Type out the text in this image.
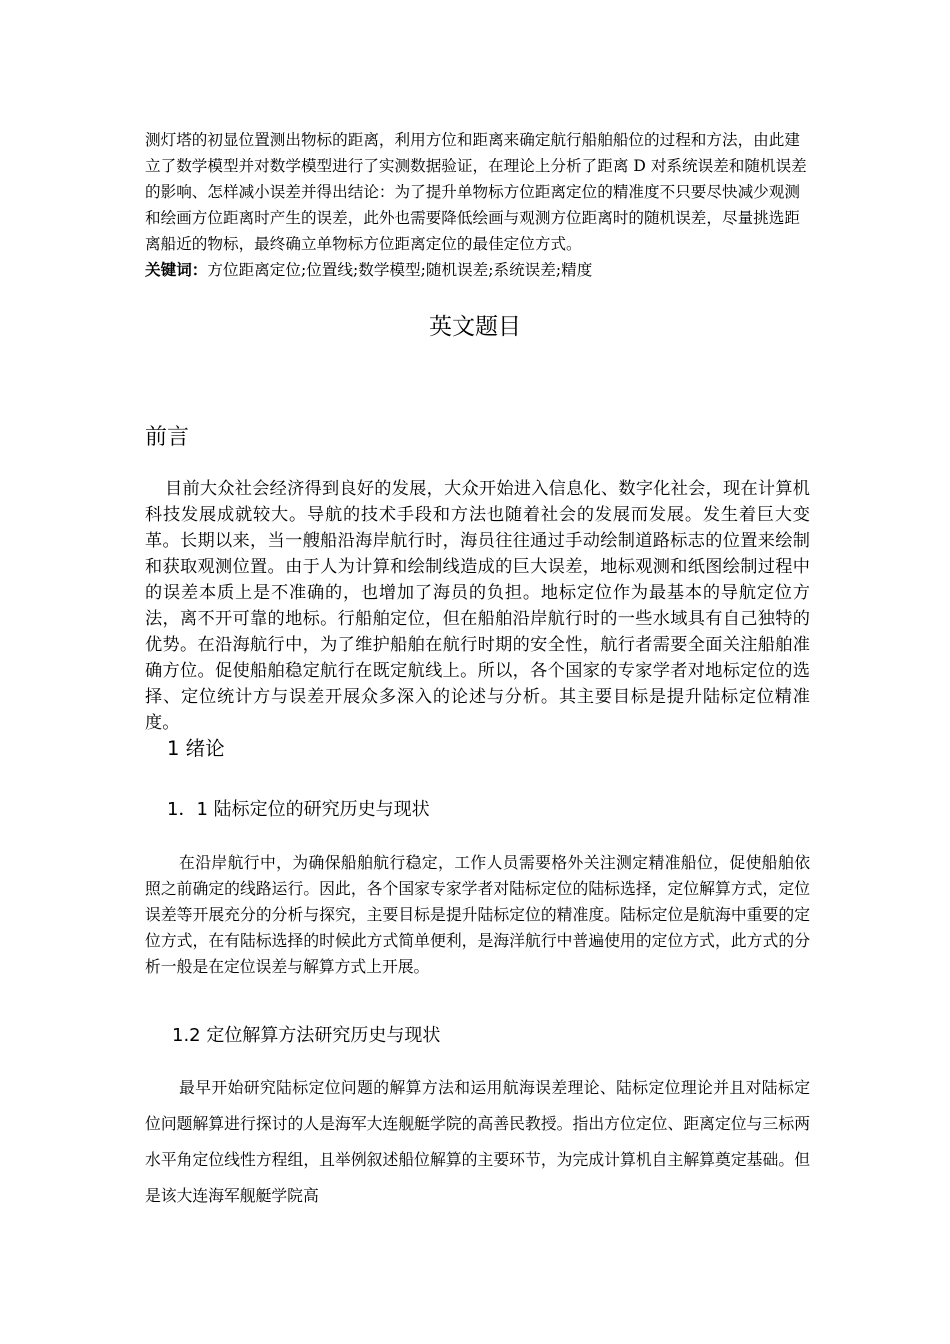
测灯塔的初显位置测出物标的距离，利用方位和距离来确定航行船舶船位的过程和方法，由此建立了数学模型并对数学模型进行了实测数据验证，在理论上分析了距离 D 对系统误差和随机误差的影响、怎样减小误差并得出结论：为了提升单物标方位距离定位的精准度不只要尽快减少观测和绘画方位距离时产生的误差，此外也需要降低绘画与观测方位距离时的随机误差，尽量挑选距离船近的物标，最终确立单物标方位距离定位的最佳定位方式。

关键词：方位距离定位;位置线;数学模型;随机误差;系统误差;精度

英文题目
前言

目前大众社会经济得到良好的发展，大众开始进入信息化、数字化社会，现在计算机科技发展成就较大。导航的技术手段和方法也随着社会的发展而发展。发生着巨大变革。长期以来，当一艘船沿海岸航行时，海员往往通过手动绘制道路标志的位置来绘制和获取观测位置。由于人为计算和绘制线造成的巨大误差，地标观测和纸图绘制过程中的误差本质上是不准确的，也增加了海员的负担。地标定位作为最基本的导航定位方法，离不开可靠的地标。行船舶定位，但在船舶沿岸航行时的一些水域具有自己独特的优势。在沿海航行中，为了维护船舶在航行时期的安全性，航行者需要全面关注船舶准确方位。促使船舶稳定航行在既定航线上。所以，各个国家的专家学者对地标定位的选择、定位统计方与误差开展众多深入的论述与分析。其主要目标是提升陆标定位精准度。

1 绪论
1．1 陆标定位的研究历史与现状

在沿岸航行中，为确保船舶航行稳定，工作人员需要格外关注测定精准船位，促使船舶依照之前确定的线路运行。因此，各个国家专家学者对陆标定位的陆标选择，定位解算方式，定位误差等开展充分的分析与探究，主要目标是提升陆标定位的精准度。陆标定位是航海中重要的定位方式，在有陆标选择的时候此方式简单便利，是海洋航行中普遍使用的定位方式，此方式的分析一般是在定位误差与解算方式上开展。

1.2 定位解算方法研究历史与现状

最早开始研究陆标定位问题的解算方法和运用航海误差理论、陆标定位理论并且对陆标定位问题解算进行探讨的人是海军大连舰艇学院的高善民教授。指出方位定位、距离定位与三标两水平角定位线性方程组，且举例叙述船位解算的主要环节，为完成计算机自主解算奠定基础。但是该大连海军舰艇学院高
